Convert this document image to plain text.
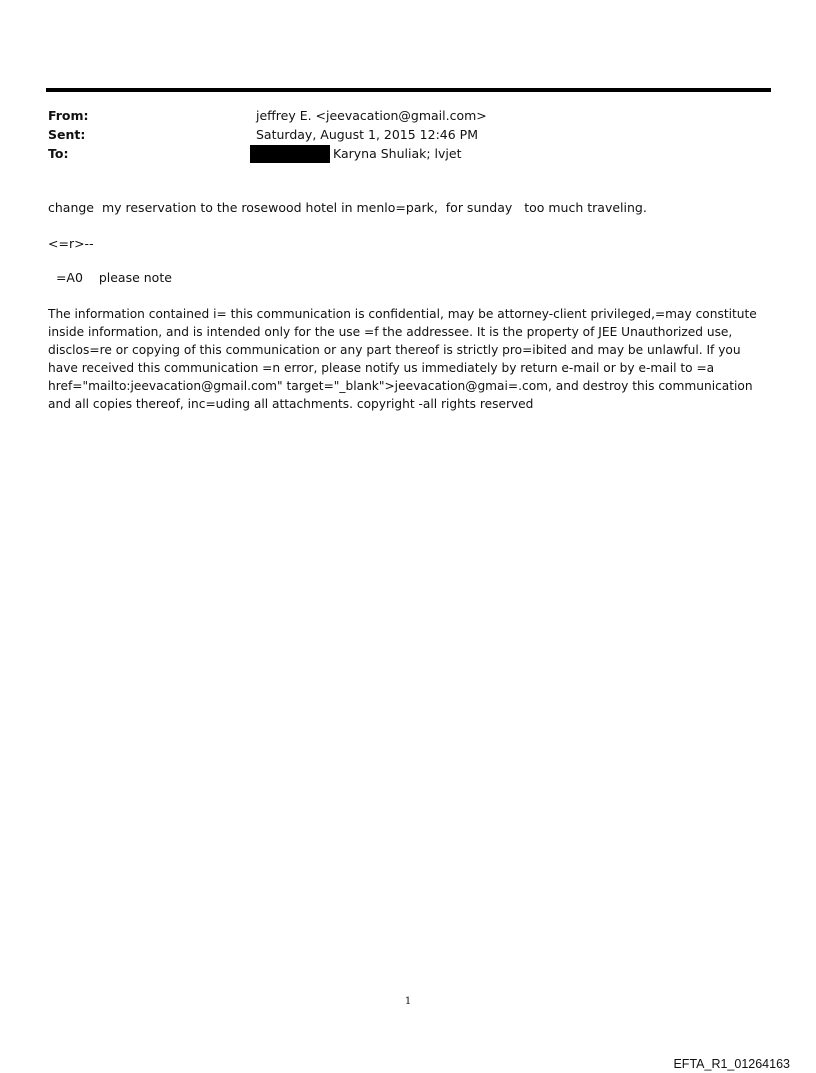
From:	jeffrey E. <jeevacation@gmail.com>
Sent:	Saturday, August 1, 2015 12:46 PM
To:	Karyna Shuliak; lvjet
change  my reservation to the rosewood hotel in menlo=park,  for sunday   too much traveling.
<=r>--
=A0    please note
The information contained i= this communication is confidential, may be attorney-client privileged,=may constitute inside information, and is intended only for the use =f the addressee. It is the property of JEE Unauthorized use, disclos=re or copying of this communication or any part thereof is strictly pro=ibited and may be unlawful. If you have received this communication =n error, please notify us immediately by return e-mail or by e-mail to =a href="mailto:jeevacation@gmail.com" target="_blank">jeevacation@gmai=.com, and destroy this communication and all copies thereof, inc=uding all attachments. copyright -all rights reserved
1
EFTA_R1_01264163
